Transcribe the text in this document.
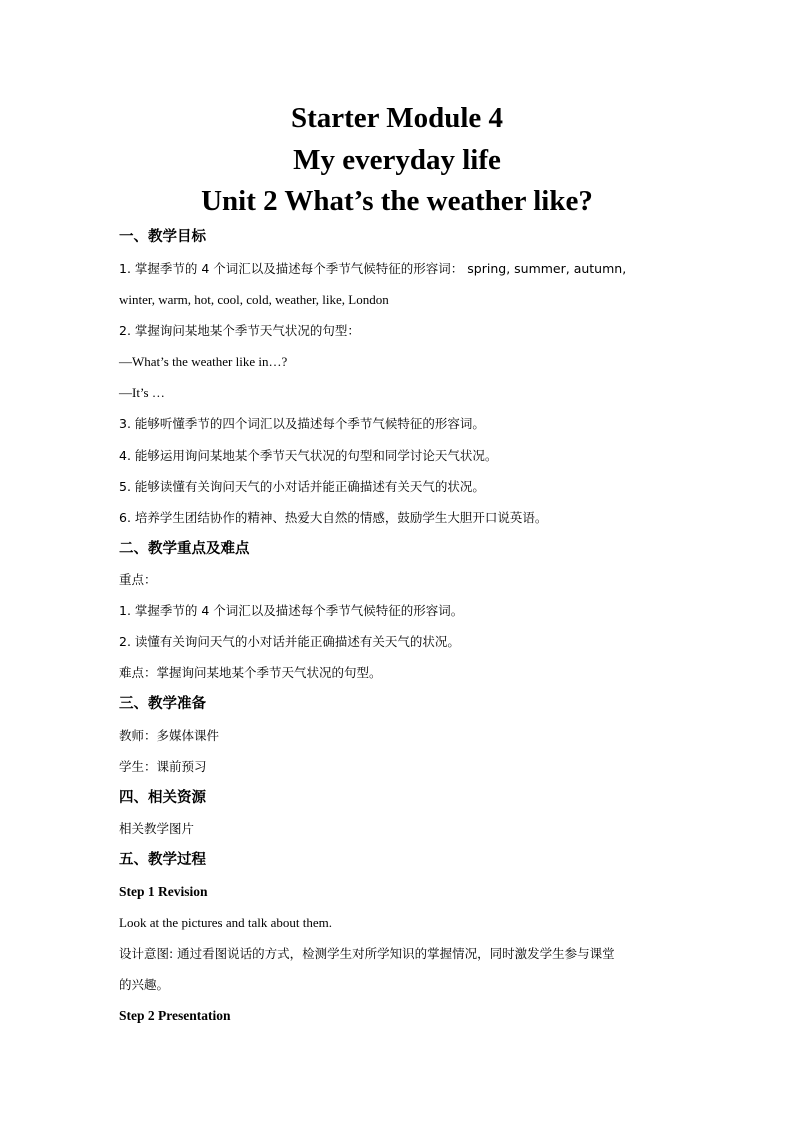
Starter Module 4
My everyday life
Unit 2 What’s the weather like?
一、教学目标
1. 掌握季节的 4 个词汇以及描述每个季节气候特征的形容词： spring, summer, autumn,
winter, warm, hot, cool, cold, weather, like, London
2. 掌握询问某地某个季节天气状况的句型：
—What’s the weather like in…?
—It’s …
3. 能够听懂季节的四个词汇以及描述每个季节气候特征的形容词。
4. 能够运用询问某地某个季节天气状况的句型和同学讨论天气状况。
5. 能够读懂有关询问天气的小对话并能正确描述有关天气的状况。
6. 培养学生团结协作的精神、热爱大自然的情感，鼓励学生大胆开口说英语。
二、教学重点及难点
重点：
1. 掌握季节的 4 个词汇以及描述每个季节气候特征的形容词。
2. 读懂有关询问天气的小对话并能正确描述有关天气的状况。
难点：掌握询问某地某个季节天气状况的句型。
三、教学准备
教师：多媒体课件
学生：课前预习
四、相关资源
相关教学图片
五、教学过程
Step 1 Revision
Look at the pictures and talk about them.
设计意图: 通过看图说话的方式，检测学生对所学知识的掌握情况，同时激发学生参与课堂
的兴趣。
Step 2 Presentation
